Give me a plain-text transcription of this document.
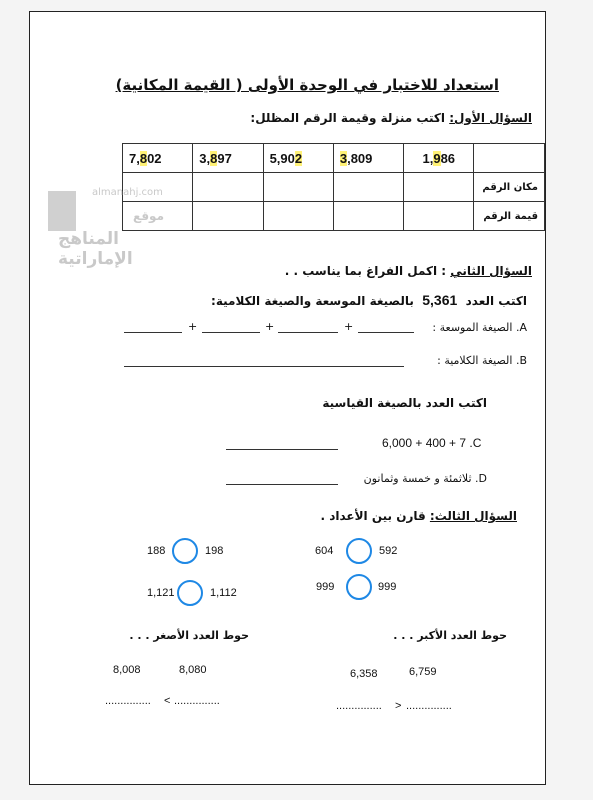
استعداد للاختبار في الوحدة الأولى ( القيمة المكانية)
السؤال الأول: اكتب منزلة وقيمة الرقم المظلل:
7,802	3,897	5,902	3,809	1,986	
					مكان الرقم
					قيمة الرقم
almanahj.com
موقع
المناهج الإماراتية
السؤال الثاني : اكمل الفراغ بما يناسب . .
اكتب العدد  5,361  بالصيغة الموسعة والصيغة الكلامية:
A. الصيغة الموسعة :
+	+	+
B. الصيغة الكلامية :
اكتب العدد بالصيغة القياسية
6,000 + 400 + 7 .C
D. ثلاثمئة و خمسة وثمانون
السؤال الثالث: قارن بين الأعداد .
604	592
188	198
999	999
1,121	1,112
حوط العدد الأكبر . . .
حوط العدد الأصغر . . .
6,358	6,759
8,008	8,080
............... < ...............	............... > ...............
